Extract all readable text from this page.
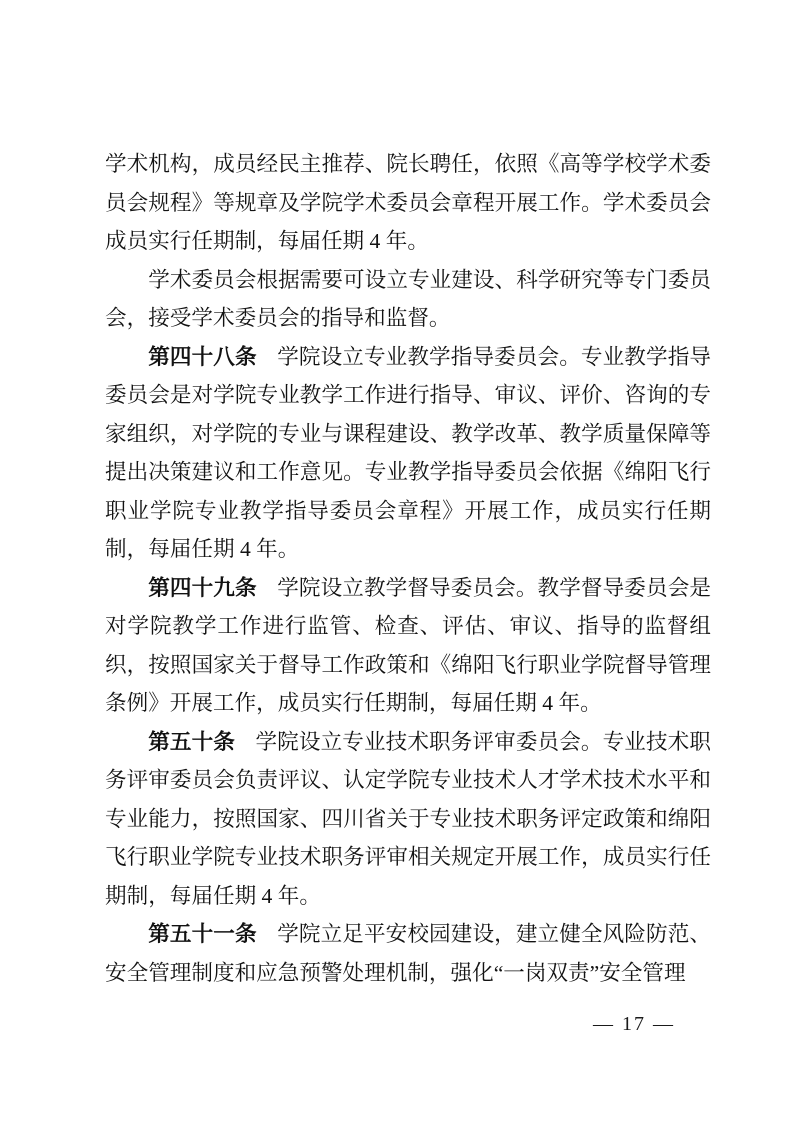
学术机构，成员经民主推荐、院长聘任，依照《高等学校学术委员会规程》等规章及学院学术委员会章程开展工作。学术委员会成员实行任期制，每届任期 4 年。

学术委员会根据需要可设立专业建设、科学研究等专门委员会，接受学术委员会的指导和监督。

第四十八条 学院设立专业教学指导委员会。专业教学指导委员会是对学院专业教学工作进行指导、审议、评价、咨询的专家组织，对学院的专业与课程建设、教学改革、教学质量保障等提出决策建议和工作意见。专业教学指导委员会依据《绵阳飞行职业学院专业教学指导委员会章程》开展工作，成员实行任期制，每届任期 4 年。

第四十九条 学院设立教学督导委员会。教学督导委员会是对学院教学工作进行监管、检查、评估、审议、指导的监督组织，按照国家关于督导工作政策和《绵阳飞行职业学院督导管理条例》开展工作，成员实行任期制，每届任期 4 年。

第五十条 学院设立专业技术职务评审委员会。专业技术职务评审委员会负责评议、认定学院专业技术人才学术技术水平和专业能力，按照国家、四川省关于专业技术职务评定政策和绵阳飞行职业学院专业技术职务评审相关规定开展工作，成员实行任期制，每届任期 4 年。

第五十一条 学院立足平安校园建设，建立健全风险防范、安全管理制度和应急预警处理机制，强化“一岗双责”安全管理

— 17 —
